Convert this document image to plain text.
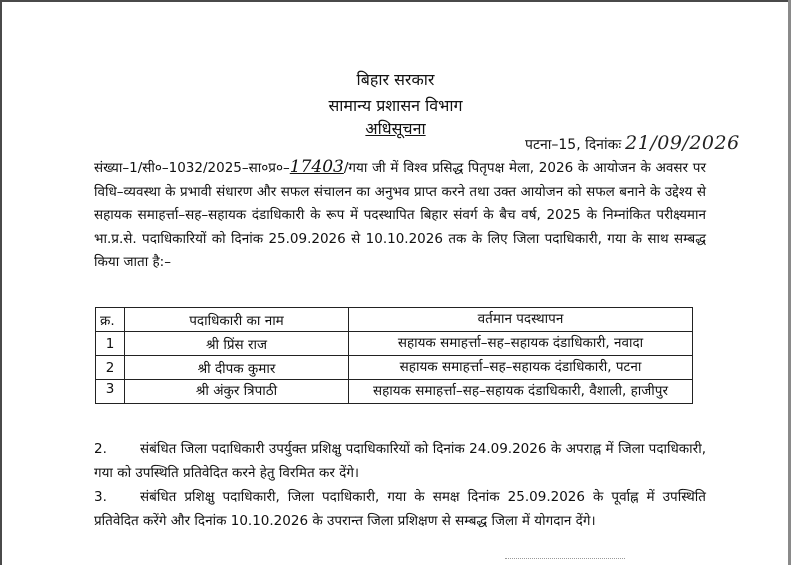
बिहार सरकार
सामान्य प्रशासन विभाग
अधिसूचना
पटना–15, दिनांकः 21/09/2026
संख्या–1/सी०–1032/2025–सा०प्र०–17403/गया जी में विश्व प्रसिद्ध पितृपक्ष मेला, 2026 के आयोजन के अवसर पर विधि–व्यवस्था के प्रभावी संधारण और सफल संचालन का अनुभव प्राप्त करने तथा उक्त आयोजन को सफल बनाने के उद्देश्य से सहायक समाहर्त्ता–सह–सहायक दंडाधिकारी के रूप में पदस्थापित बिहार संवर्ग के बैच वर्ष, 2025 के निम्नांकित परीक्ष्यमान भा.प्र.से. पदाधिकारियों को दिनांक 25.09.2026 से 10.10.2026 तक के लिए जिला पदाधिकारी, गया के साथ सम्बद्ध किया जाता है:–
क्र.	पदाधिकारी का नाम	वर्तमान पदस्थापन
1	श्री प्रिंस राज	सहायक समाहर्त्ता–सह–सहायक दंडाधिकारी, नवादा
2	श्री दीपक कुमार	सहायक समाहर्त्ता–सह–सहायक दंडाधिकारी, पटना
3	श्री अंकुर त्रिपाठी	सहायक समाहर्त्ता–सह–सहायक दंडाधिकारी, वैशाली, हाजीपुर
2. संबंधित जिला पदाधिकारी उपर्युक्त प्रशिक्षु पदाधिकारियों को दिनांक 24.09.2026 के अपराह्न में जिला पदाधिकारी, गया को उपस्थिति प्रतिवेदित करने हेतु विरमित कर देंगे।
3. संबंधित प्रशिक्षु पदाधिकारी, जिला पदाधिकारी, गया के समक्ष दिनांक 25.09.2026 के पूर्वाह्न में उपस्थिति प्रतिवेदित करेंगे और दिनांक 10.10.2026 के उपरान्त जिला प्रशिक्षण से सम्बद्ध जिला में योगदान देंगे।
